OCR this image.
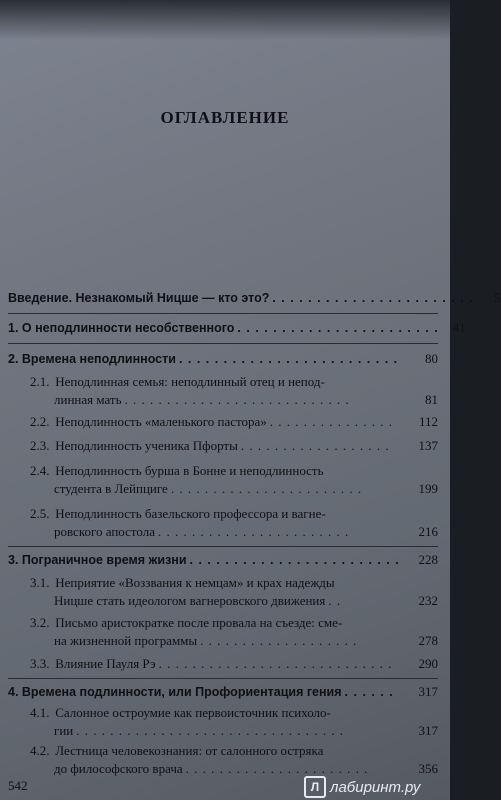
ОГЛАВЛЕНИЕ
Введение. Незнакомый Ницше — кто это? . . . . . . . . . . . . . . . . . . . . . . .	5
1. О неподлинности несобственного . . . . . . . . . . . . . . . . . . . . . . .	41
2. Времена неподлинности . . . . . . . . . . . . . . . . . . . . . . . . .	80
2.1. Неподлинная семья: неподлинный отец и непод-
линная мать . . . . . . . . . . . . . . . . . . . . . . . . . . .	81
2.2.
Неподлинность «маленького пастора» . . . . . . . . . . . . . . .	112
2.3.
Неподлинность ученика Пфорты . . . . . . . . . . . . . . . . . .	137
2.4. Неподлинность бурша в Бонне и неподлинность
студента в Лейпциге . . . . . . . . . . . . . . . . . . . . . . .	199
2.5. Неподлинность базельского профессора и вагне-
ровского апостола . . . . . . . . . . . . . . . . . . . . . . .	216
3. Пограничное время жизни . . . . . . . . . . . . . . . . . . . . . . . .	228
3.1. Неприятие «Воззвания к немцам» и крах надежды
Ницше стать идеологом вагнеровского движения . .	232
3.2. Письмо аристократке после провала на съезде: сме-
на жизненной программы . . . . . . . . . . . . . . . . . . .	278
3.3.
Влияние Пауля Рэ . . . . . . . . . . . . . . . . . . . . . . . . . . . .	290
4. Времена подлинности, или Профориентация гения . . . . . .	317
4.1. Салонное остроумие как первоисточник психоло-
гии . . . . . . . . . . . . . . . . . . . . . . . . . . . . . . . .	317
4.2. Лестница человекознания: от салонного остряка
до философского врача . . . . . . . . . . . . . . . . . . . . . .	356
542	Л лабиринт.ру
